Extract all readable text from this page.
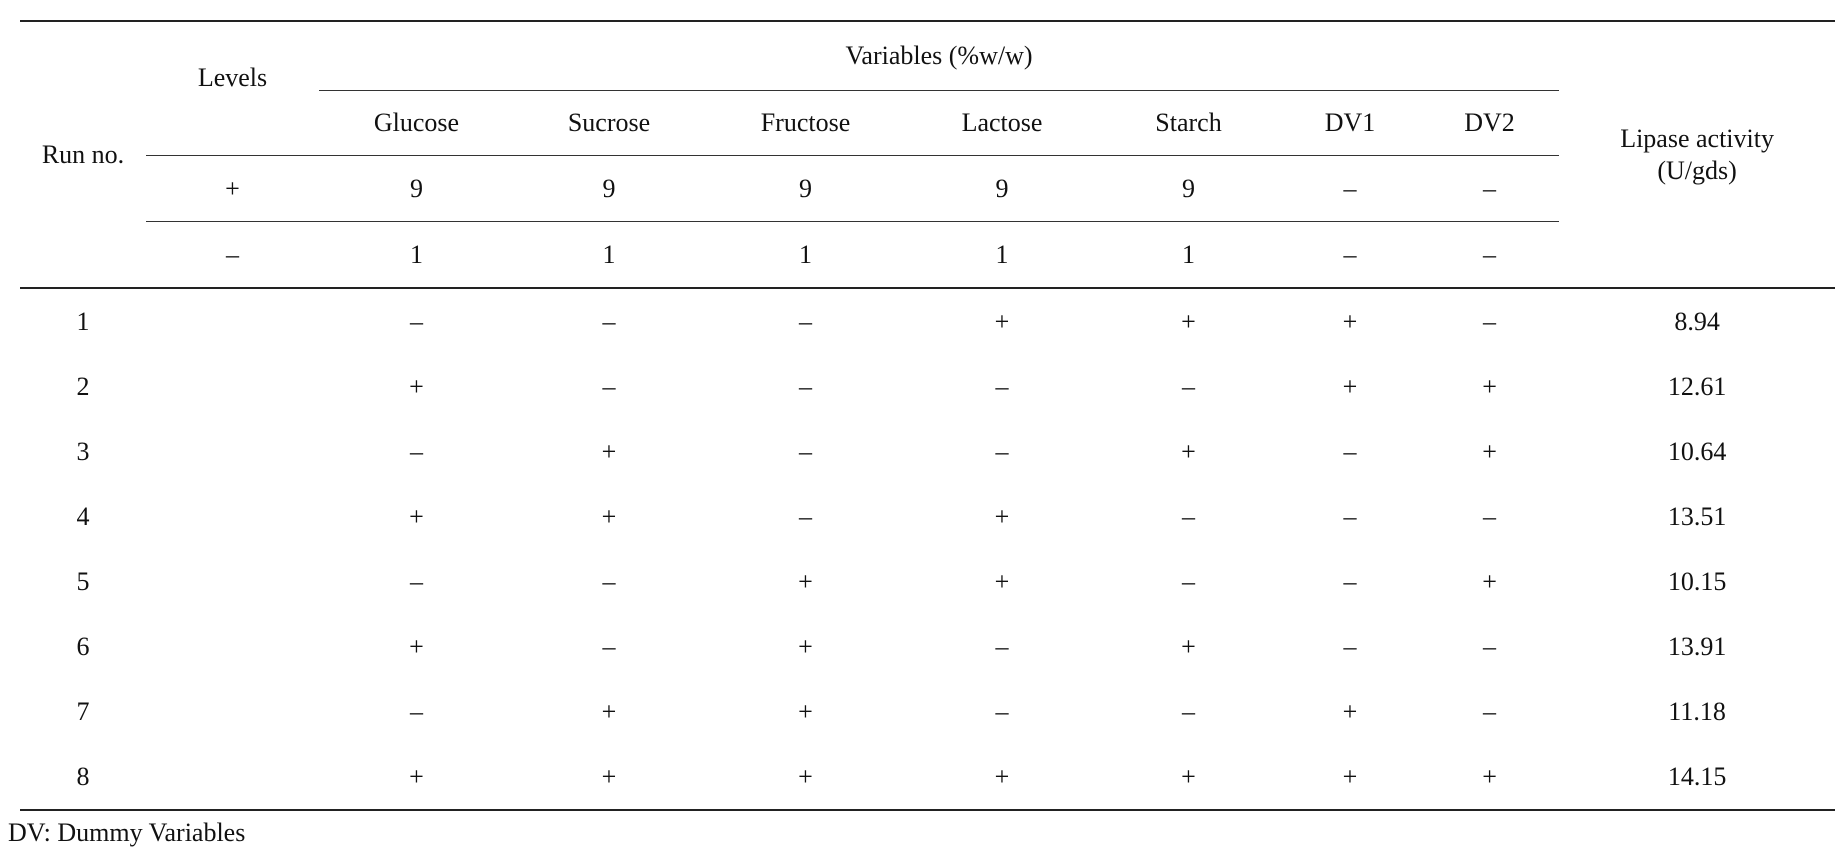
Run no.	Levels	Variables (%w/w)							Lipase activity (U/gds)
		Glucose	Sucrose	Fructose	Lactose	Starch	DV1	DV2	
	+	9	9	9	9	9	–	–	
	–	1	1	1	1	1	–	–	
1		–	–	–	+	+	+	–	8.94
2		+	–	–	–	–	+	+	12.61
3		–	+	–	–	+	–	+	10.64
4		+	+	–	+	–	–	–	13.51
5		–	–	+	+	–	–	+	10.15
6		+	–	+	–	+	–	–	13.91
7		–	+	+	–	–	+	–	11.18
8		+	+	+	+	+	+	+	14.15
DV: Dummy Variables
